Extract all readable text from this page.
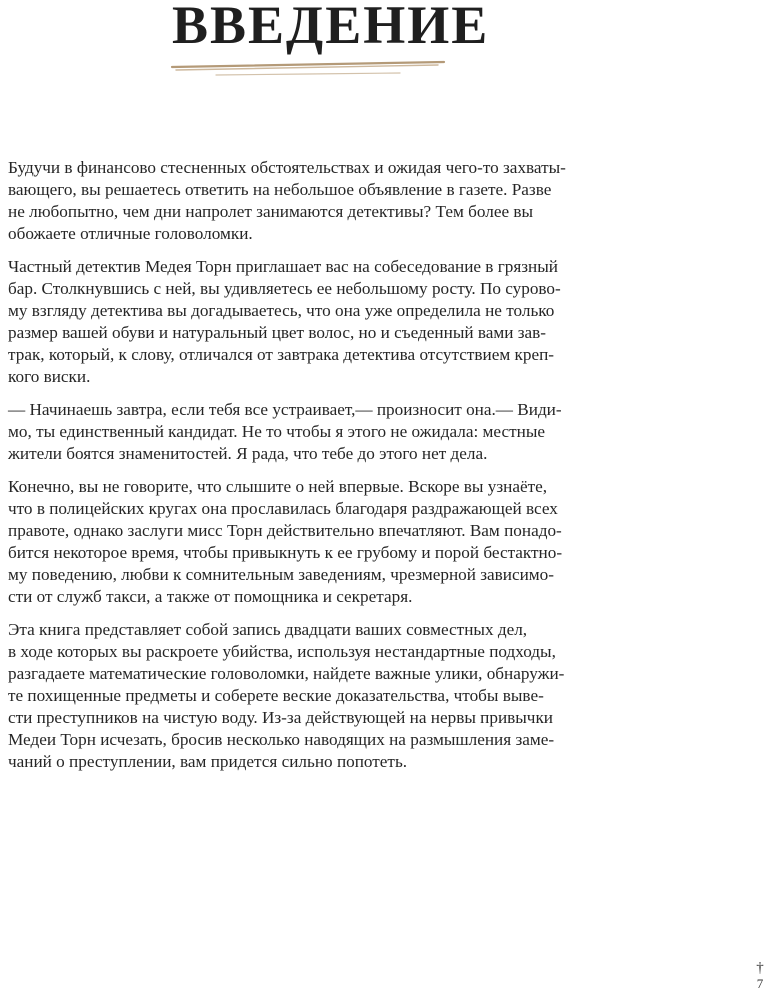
ВВЕДЕНИЕ

Будучи в финансово стесненных обстоятельствах и ожидая чего-то захваты-
вающего, вы решаетесь ответить на небольшое объявление в газете. Разве
не любопытно, чем дни напролет занимаются детективы? Тем более вы
обожаете отличные головоломки.

Частный детектив Медея Торн приглашает вас на собеседование в грязный
бар. Столкнувшись с ней, вы удивляетесь ее небольшому росту. По сурово-
му взгляду детектива вы догадываетесь, что она уже определила не только
размер вашей обуви и натуральный цвет волос, но и съеденный вами зав-
трак, который, к слову, отличался от завтрака детектива отсутствием креп-
кого виски.

— Начинаешь завтра, если тебя все устраивает,— произносит она.— Види-
мо, ты единственный кандидат. Не то чтобы я этого не ожидала: местные
жители боятся знаменитостей. Я рада, что тебе до этого нет дела.

Конечно, вы не говорите, что слышите о ней впервые. Вскоре вы узнаёте,
что в полицейских кругах она прославилась благодаря раздражающей всех
правоте, однако заслуги мисс Торн действительно впечатляют. Вам понадо-
бится некоторое время, чтобы привыкнуть к ее грубому и порой бестактно-
му поведению, любви к сомнительным заведениям, чрезмерной зависимо-
сти от служб такси, а также от помощника и секретаря.

Эта книга представляет собой запись двадцати ваших совместных дел,
в ходе которых вы раскроете убийства, используя нестандартные подходы,
разгадаете математические головоломки, найдете важные улики, обнаружи-
те похищенные предметы и соберете веские доказательства, чтобы выве-
сти преступников на чистую воду. Из-за действующей на нервы привычки
Медеи Торн исчезать, бросив несколько наводящих на размышления заме-
чаний о преступлении, вам придется сильно попотеть.

†
7
